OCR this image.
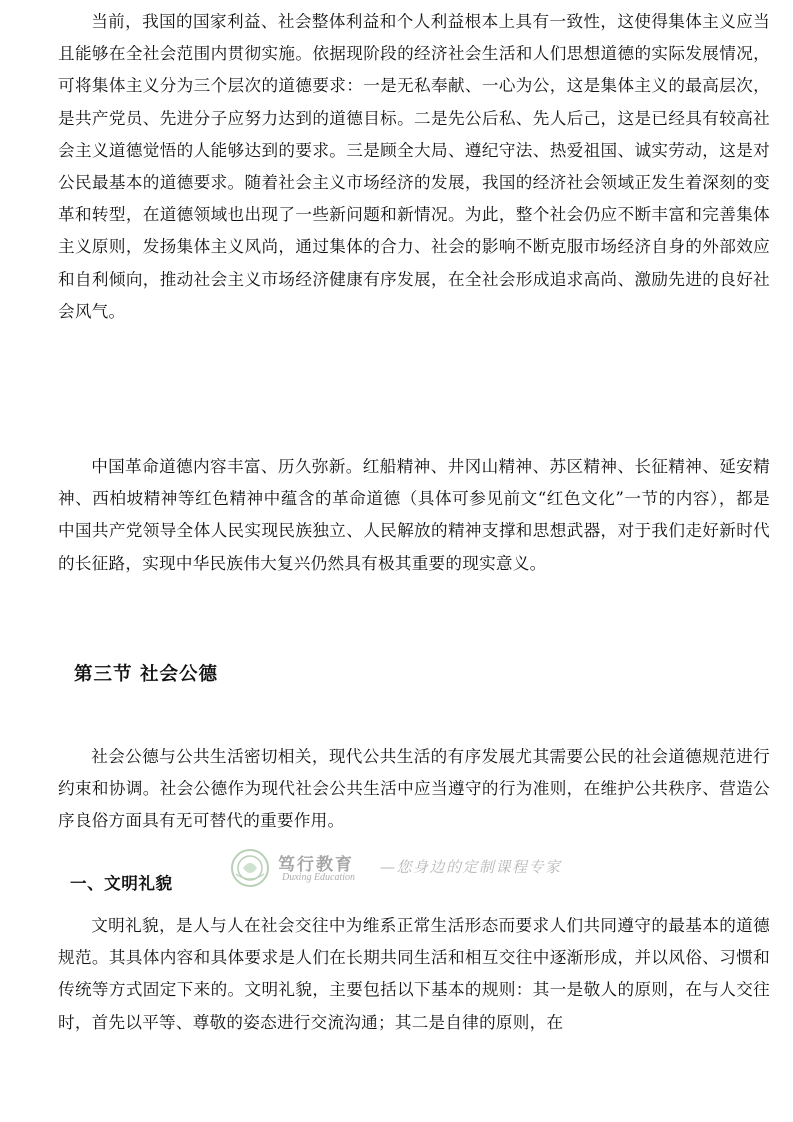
当前，我国的国家利益、社会整体利益和个人利益根本上具有一致性，这使得集体主义应当且能够在全社会范围内贯彻实施。依据现阶段的经济社会生活和人们思想道德的实际发展情况，可将集体主义分为三个层次的道德要求：一是无私奉献、一心为公，这是集体主义的最高层次，是共产党员、先进分子应努力达到的道德目标。二是先公后私、先人后己，这是已经具有较高社会主义道德觉悟的人能够达到的要求。三是顾全大局、遵纪守法、热爱祖国、诚实劳动，这是对公民最基本的道德要求。随着社会主义市场经济的发展，我国的经济社会领域正发生着深刻的变革和转型，在道德领域也出现了一些新问题和新情况。为此，整个社会仍应不断丰富和完善集体主义原则，发扬集体主义风尚，通过集体的合力、社会的影响不断克服市场经济自身的外部效应和自利倾向，推动社会主义市场经济健康有序发展，在全社会形成追求高尚、激励先进的良好社会风气。

中国革命道德内容丰富、历久弥新。红船精神、井冈山精神、苏区精神、长征精神、延安精神、西柏坡精神等红色精神中蕴含的革命道德（具体可参见前文“红色文化”一节的内容），都是中国共产党领导全体人民实现民族独立、人民解放的精神支撑和思想武器，对于我们走好新时代的长征路，实现中华民族伟大复兴仍然具有极其重要的现实意义。

第三节 社会公德

社会公德与公共生活密切相关，现代公共生活的有序发展尤其需要公民的社会道德规范进行约束和协调。社会公德作为现代社会公共生活中应当遵守的行为准则，在维护公共秩序、营造公序良俗方面具有无可替代的重要作用。

一、文明礼貌

文明礼貌，是人与人在社会交往中为维系正常生活形态而要求人们共同遵守的最基本的道德规范。其具体内容和具体要求是人们在长期共同生活和相互交往中逐渐形成，并以风俗、习惯和传统等方式固定下来的。文明礼貌，主要包括以下基本的规则：其一是敬人的原则，在与人交往时，首先以平等、尊敬的姿态进行交流沟通；其二是自律的原则，在

笃行教育
Duxing Education
—您身边的定制课程专家
